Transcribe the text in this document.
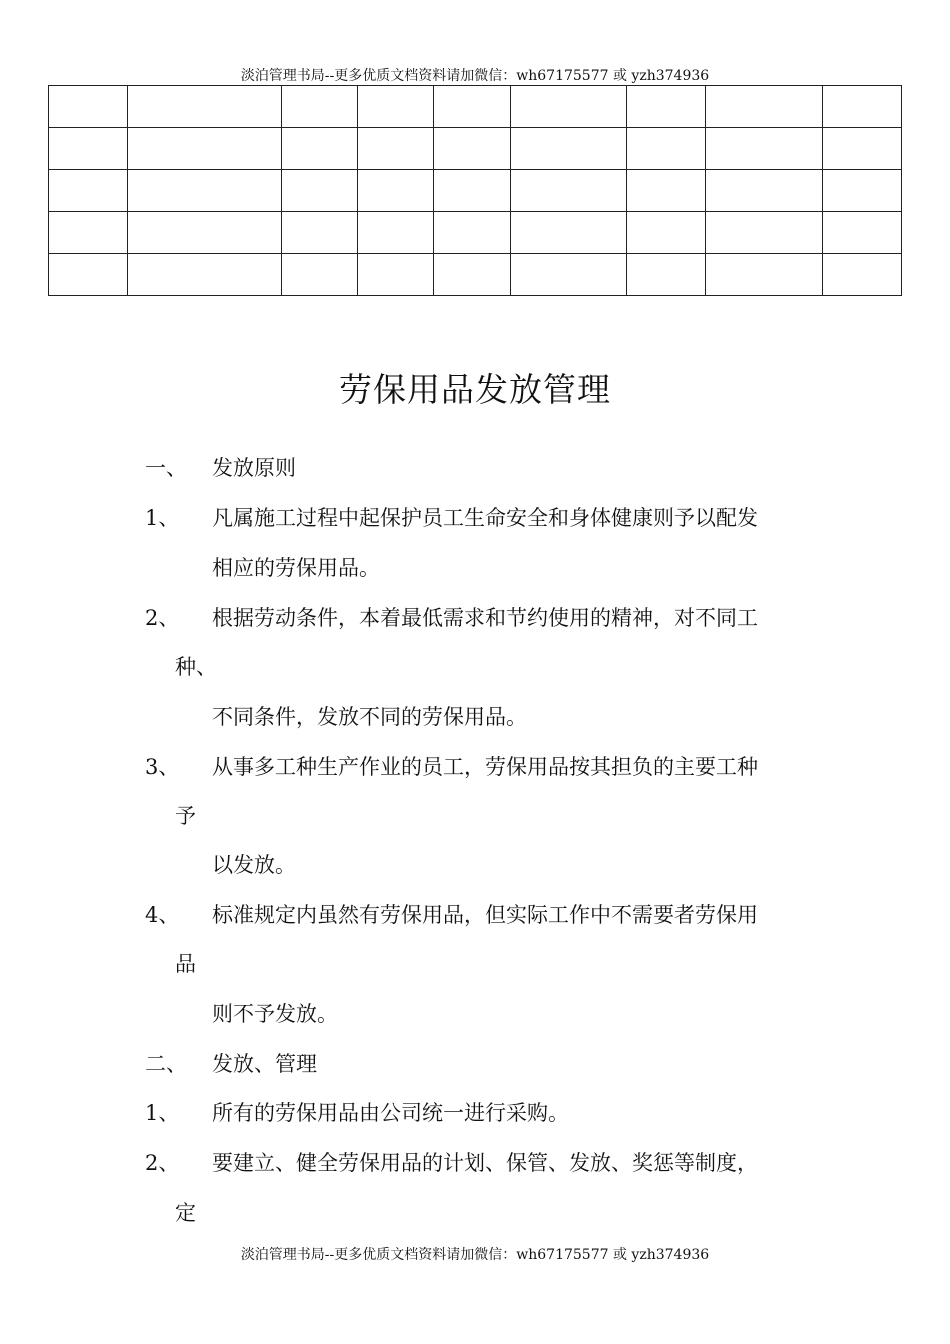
淡泊管理书局--更多优质文档资料请加微信：wh67175577 或 yzh374936

劳保用品发放管理
一、 发放原则
1、 凡属施工过程中起保护员工生命安全和身体健康则予以配发
相应的劳保用品。
2、 根据劳动条件，本着最低需求和节约使用的精神，对不同工
种、
不同条件，发放不同的劳保用品。
3、 从事多工种生产作业的员工，劳保用品按其担负的主要工种
予
以发放。
4、 标准规定内虽然有劳保用品，但实际工作中不需要者劳保用
品
则不予发放。
二、 发放、管理
1、 所有的劳保用品由公司统一进行采购。
2、 要建立、健全劳保用品的计划、保管、发放、奖惩等制度，
定
淡泊管理书局--更多优质文档资料请加微信：wh67175577 或 yzh374936
